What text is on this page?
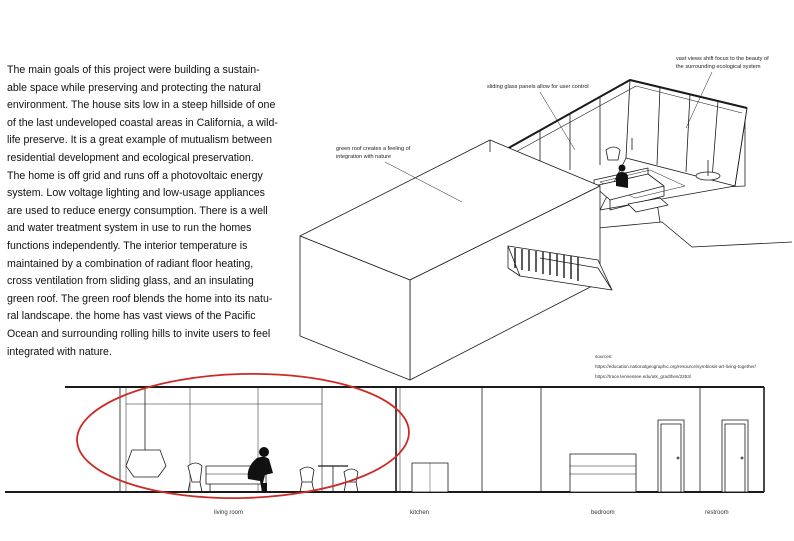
The main goals of this project were building a sustain-
able space while preserving and protecting the natural
environment. The house sits low in a steep hillside of one
of the last undeveloped coastal areas in California, a wild-
life preserve. It is a great example of mutualism between
residential development and ecological preservation.
The home is off grid and runs off a photovoltaic energy
system. Low voltage lighting and low-usage appliances
are used to reduce energy consumption. There is a well
and water treatment system in use to run the homes
functions independently. The interior temperature is
maintained by a combination of radiant floor heating,
cross ventilation from sliding glass, and an insulating
green roof. The green roof blends the home into its natu-
ral landscape. the home has vast views of the Pacific
Ocean and surrounding rolling hills to invite users to feel
integrated with nature.
vast views shift focus to the beauty of
the surrounding ecological system
sliding glass panels allow for user control
green roof creates a feeling of
integration with nature
sources:
https://education.nationalgeographic.org/resource/symbiosis-art-living-together/
https://trace.tennessee.edu/utk_gradthes/2253/
living room	kitchen	bedroom	restroom
